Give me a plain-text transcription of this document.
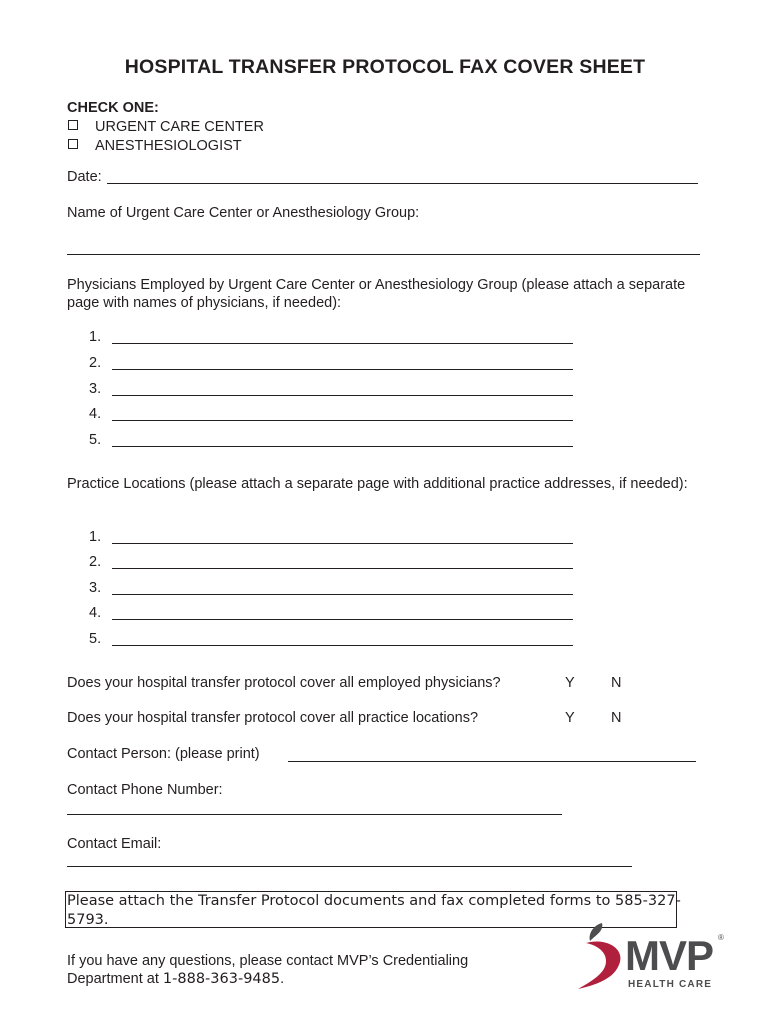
HOSPITAL TRANSFER PROTOCOL FAX COVER SHEET
CHECK ONE:
URGENT CARE CENTER
ANESTHESIOLOGIST
Date:
Name of Urgent Care Center or Anesthesiology Group:
Physicians Employed by Urgent Care Center or Anesthesiology Group (please attach a separate page with names of physicians, if needed):
1.
2.
3.
4.
5.
Practice Locations (please attach a separate page with additional practice addresses, if needed):
1.
2.
3.
4.
5.
Does your hospital transfer protocol cover all employed physicians?	Y	N
Does your hospital transfer protocol cover all practice locations?	Y	N
Contact Person: (please print)
Contact Phone Number:
Contact Email:
Please attach the Transfer Protocol documents and fax completed forms to 585-327-5793.
If you have any questions, please contact MVP’s Credentialing
Department at 1-888-363-9485.	MVP ®
HEALTH CARE
